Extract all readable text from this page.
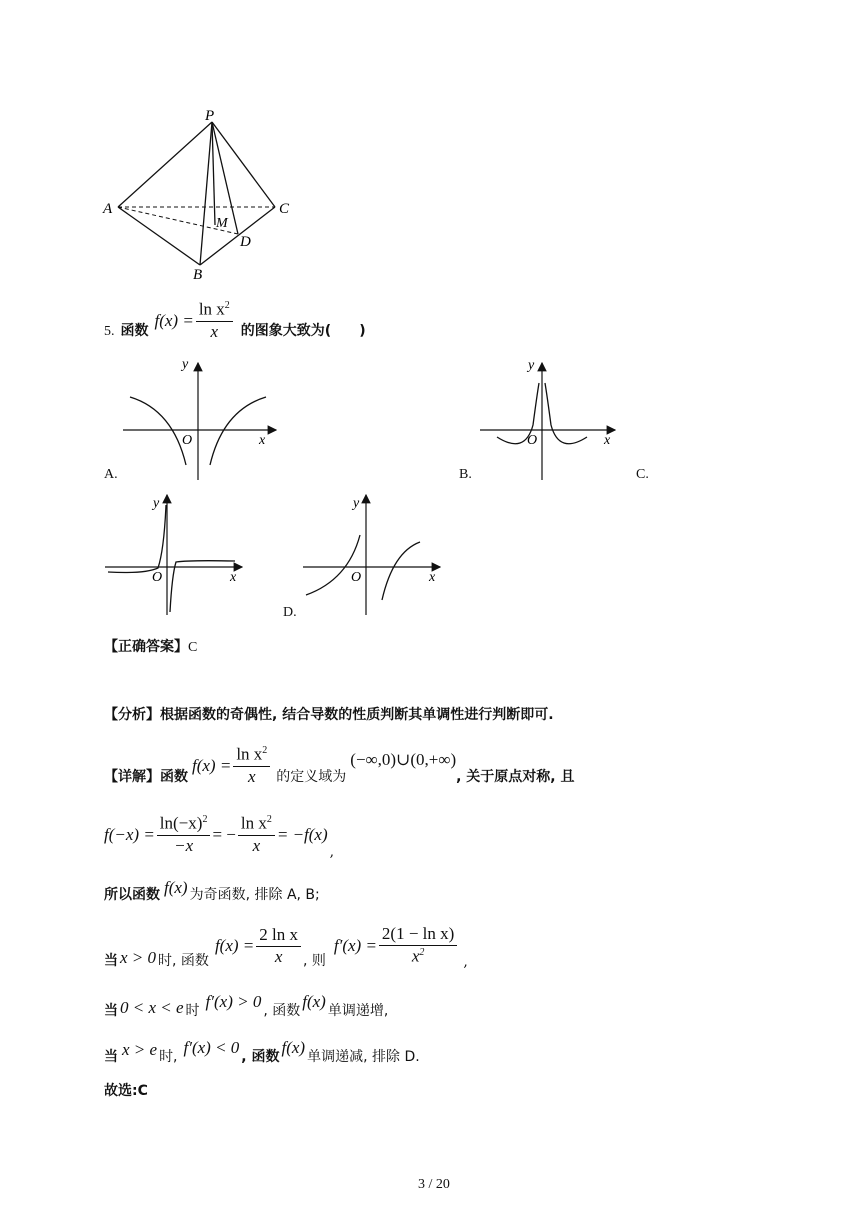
P
A	C
B
D
M
5. 函数
$f(x) = \frac{\ln x^2}{x}$ 的图象大致为(　　)
y
x
O
A.
y
x
O
B.	C.
y
x
O
y
x
O
D.
【正确答案】C
【分析】根据函数的奇偶性, 结合导数的性质判断其单调性进行判断即可.
【详解】 函数
$f(x) = \frac{\ln x^2}{x}$ 的定义域为
(−∞,0)∪(0,+∞)
, 关于原点对称, 且
$f(-x) = \frac{\ln(-x)^2}{-x}$ = − $\frac{\ln x^2}{x} = -f(x)$
,
所以函数 f(x) 为奇函数, 排除 A, B;
当 x > 0 时, 函数
$f(x) = \frac{\text{2 ln x}}{x}$ , 则
$f'(x) = \frac{\text{2(1 − ln x)}}{x^2}$ ,
当 0 < x < e 时 f′(x) > 0 , 函数 f(x) 单调递增,
当 x > e 时, f′(x) < 0 , 函数 f(x) 单调递减, 排除 D.
故选:C
3 / 20
